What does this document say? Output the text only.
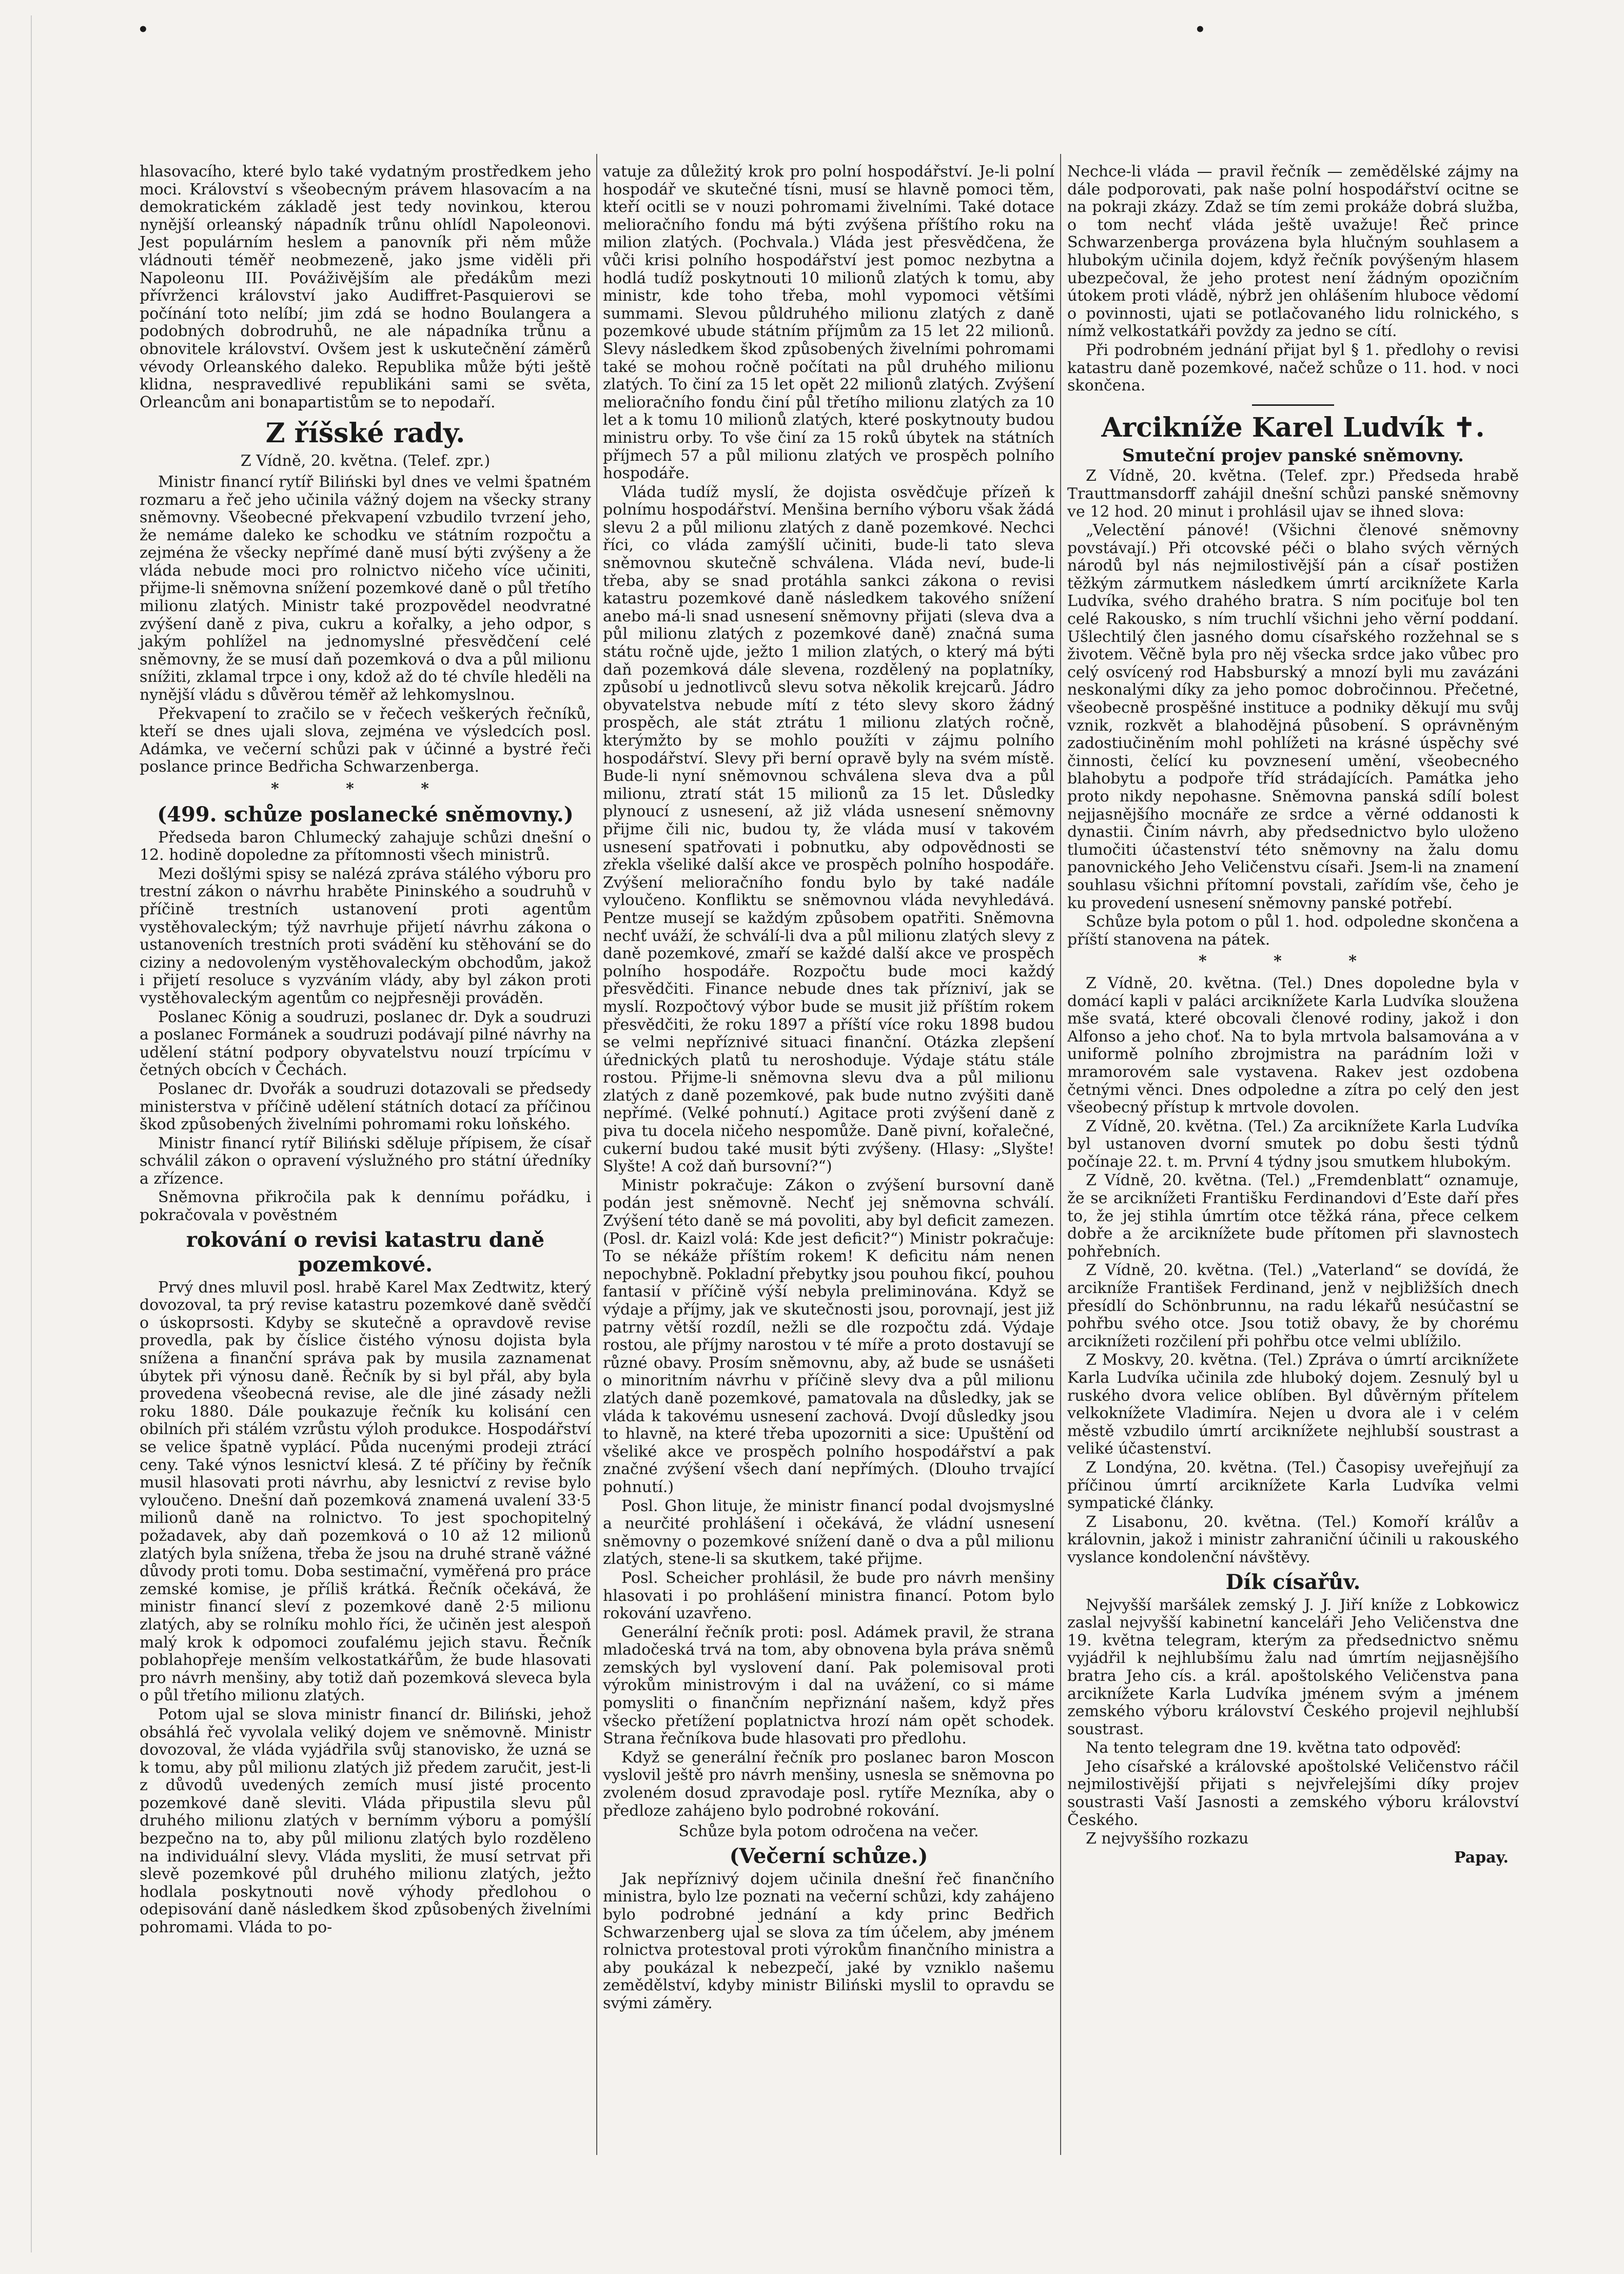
•	•

hlasovacího, které bylo také vydatným prostředkem jeho moci. Království s všeobecným právem hlasovacím a na demokratickém základě jest tedy novinkou, kterou nynější orleanský nápadník trůnu ohlídl Napoleonovi. Jest populárním heslem a panovník při něm může vládnouti téměř neobmezeně, jako jsme viděli při Napoleonu III. Pováživějším ale předákům mezi přívrženci království jako Audiffret-Pasquierovi se počínání toto nelíbí; jim zdá se hodno Boulangera a podobných dobrodruhů, ne ale nápadníka trůnu a obnovitele království. Ovšem jest k uskutečnění záměrů vévody Orleanského daleko. Republika může býti ještě klidna, nespravedlivé republikáni sami se světa, Orleancům ani bonapartistům se to nepodaří.

Z říšské rady.

Z Vídně, 20. května. (Telef. zpr.)

Ministr financí rytíř Biliński byl dnes ve velmi špatném rozmaru a řeč jeho učinila vážný dojem na všecky strany sněmovny. Všeobecné překvapení vzbudilo tvrzení jeho, že nemáme daleko ke schodku ve státním rozpočtu a zejména že všecky nepřímé daně musí býti zvýšeny a že vláda nebude moci pro rolnictvo ničeho více učiniti, přijme-li sněmovna snížení pozemkové daně o půl třetího milionu zlatých. Ministr také prozpovědel neodvratné zvýšení daně z piva, cukru a kořalky, a jeho odpor, s jakým pohlížel na jednomyslné přesvědčení celé sněmovny, že se musí daň pozemková o dva a půl milionu snížiti, zklamal trpce i ony, kdož až do té chvíle hleděli na nynější vládu s důvěrou téměř až lehkomyslnou.

Překvapení to zračilo se v řečech veškerých řečníků, kteří se dnes ujali slova, zejména ve výsledcích posl. Adámka, ve večerní schůzi pak v účinné a bystré řeči poslance prince Bedřicha Schwarzenberga.

* * *
(499. schůze poslanecké sněmovny.)

Předseda baron Chlumecký zahajuje schůzi dnešní o 12. hodině dopoledne za přítomnosti všech ministrů.

Mezi došlými spisy se nalézá zpráva stálého výboru pro trestní zákon o návrhu hraběte Pininského a soudruhů v příčině trestních ustanovení proti agentům vystěhovaleckým; týž navrhuje přijetí návrhu zákona o ustanoveních trestních proti svádění ku stěhování se do ciziny a nedovoleným vystěhovaleckým obchodům, jakož i přijetí resoluce s vyzváním vlády, aby byl zákon proti vystěhovaleckým agentům co nejpřesněji prováděn.

Poslanec König a soudruzi, poslanec dr. Dyk a soudruzi a poslanec Formánek a soudruzi podávají pilné návrhy na udělení státní podpory obyvatelstvu nouzí trpícímu v četných obcích v Čechách.

Poslanec dr. Dvořák a soudruzi dotazovali se předsedy ministerstva v příčině udělení státních dotací za příčinou škod způsobených živelními pohromami roku loňského.

Ministr financí rytíř Biliński sděluje přípisem, že císař schválil zákon o opravení výslužného pro státní úředníky a zřízence.

Sněmovna přikročila pak k dennímu pořádku, i pokračovala v pověstném

rokování o revisi katastru daně pozemkové.

Prvý dnes mluvil posl. hrabě Karel Max Zedtwitz, který dovozoval, ta prý revise katastru pozemkové daně svědčí o úskoprsosti. Kdyby se skutečně a opravdově revise provedla, pak by číslice čistého výnosu dojista byla snížena a finanční správa pak by musila zaznamenat úbytek při výnosu daně. Řečník by si byl přál, aby byla provedena všeobecná revise, ale dle jiné zásady nežli roku 1880. Dále poukazuje řečník ku kolisání cen obilních při stálém vzrůstu výloh produkce. Hospodářství se velice špatně vyplácí. Půda nucenými prodeji ztrácí ceny. Také výnos lesnictví klesá. Z té příčiny by řečník musil hlasovati proti návrhu, aby lesnictví z revise bylo vyloučeno. Dnešní daň pozemková znamená uvalení 33·5 milionů daně na rolnictvo. To jest spochopitelný požadavek, aby daň pozemková o 10 až 12 milionů zlatých byla snížena, třeba že jsou na druhé straně vážné důvody proti tomu. Doba sestimační, vyměřená pro práce zemské komise, je příliš krátká. Řečník očekává, že ministr financí sleví z pozemkové daně 2·5 milionu zlatých, aby se rolníku mohlo říci, že učiněn jest alespoň malý krok k odpomoci zoufalému jejich stavu. Řečník poblahopřeje menším velkostatkářům, že bude hlasovati pro návrh menšiny, aby totiž daň pozemková sleveca byla o půl třetího milionu zlatých.

Potom ujal se slova ministr financí dr. Biliński, jehož obsáhlá řeč vyvolala veliký dojem ve sněmovně. Ministr dovozoval, že vláda vyjádřila svůj stanovisko, že uzná se k tomu, aby půl milionu zlatých již předem zaručit, jest-li z důvodů uvedených zemích musí jisté procento pozemkové daně sleviti. Vláda připustila slevu půl druhého milionu zlatých v bernímm výboru a pomýšlí bezpečno na to, aby půl milionu zlatých bylo rozděleno na individuální slevy. Vláda mysliti, že musí setrvat při slevě pozemkové půl druhého milionu zlatých, ježto hodlala poskytnouti nově výhody předlohou o odepisování daně následkem škod způsobených živelními pohromami. Vláda to po-

vatuje za důležitý krok pro polní hospodářství. Je-li polní hospodář ve skutečné tísni, musí se hlavně pomoci těm, kteří ocitli se v nouzi pohromami živelními. Také dotace melioračního fondu má býti zvýšena příštího roku na milion zlatých. (Pochvala.) Vláda jest přesvědčena, že vůči krisi polního hospodářství jest pomoc nezbytna a hodlá tudíž poskytnouti 10 milionů zlatých k tomu, aby ministr, kde toho třeba, mohl vypomoci většími summami. Slevou půldruhého milionu zlatých z daně pozemkové ubude státním příjmům za 15 let 22 milionů. Slevy následkem škod způsobených živelními pohromami také se mohou ročně počítati na půl druhého milionu zlatých. To činí za 15 let opět 22 milionů zlatých. Zvýšení melioračního fondu činí půl třetího milionu zlatých za 10 let a k tomu 10 milionů zlatých, které poskytnouty budou ministru orby. To vše činí za 15 roků úbytek na státních příjmech 57 a půl milionu zlatých ve prospěch polního hospodáře.

Vláda tudíž myslí, že dojista osvědčuje přízeň k polnímu hospodářství. Menšina berního výboru však žádá slevu 2 a půl milionu zlatých z daně pozemkové. Nechci říci, co vláda zamýšlí učiniti, bude-li tato sleva sněmovnou skutečně schválena. Vláda neví, bude-li třeba, aby se snad protáhla sankci zákona o revisi katastru pozemkové daně následkem takového snížení anebo má-li snad usnesení sněmovny přijati (sleva dva a půl milionu zlatých z pozemkové daně) značná suma státu ročně ujde, ježto 1 milion zlatých, o který má býti daň pozemková dále slevena, rozdělený na poplatníky, způsobí u jednotlivců slevu sotva několik krejcarů. Jádro obyvatelstva nebude mítí z této slevy skoro žádný prospěch, ale stát ztrátu 1 milionu zlatých ročně, kterýmžto by se mohlo použíti v zájmu polního hospodářství. Slevy při berní opravě byly na svém místě. Bude-li nyní sněmovnou schválena sleva dva a půl milionu, ztratí stát 15 milionů za 15 let. Důsledky plynoucí z usnesení, až již vláda usnesení sněmovny přijme čili nic, budou ty, že vláda musí v takovém usnesení spatřovati i pobnutku, aby odpovědnosti se zřekla všeliké další akce ve prospěch polního hospodáře. Zvýšení melioračního fondu bylo by také nadále vyloučeno. Konfliktu se sněmovnou vláda nevyhledává. Pentze musejí se každým způsobem opatřiti. Sněmovna nechť uváží, že schválí-li dva a půl milionu zlatých slevy z daně pozemkové, zmaří se každé další akce ve prospěch polního hospodáře. Rozpočtu bude moci každý přesvědčiti. Finance nebude dnes tak přízniví, jak se myslí. Rozpočtový výbor bude se musit již příštím rokem přesvědčiti, že roku 1897 a příští více roku 1898 budou se velmi nepříznivé situaci finanční. Otázka zlepšení úřednických platů tu neroshoduje. Výdaje státu stále rostou. Přijme-li sněmovna slevu dva a půl milionu zlatých z daně pozemkové, pak bude nutno zvýšiti daně nepřímé. (Velké pohnutí.) Agitace proti zvýšení daně z piva tu docela ničeho nespomůže. Daně pivní, kořalečné, cukerní budou také musit býti zvýšeny. (Hlasy: „Slyšte! Slyšte! A což daň bursovní?“)

Ministr pokračuje: Zákon o zvýšení bursovní daně podán jest sněmovně. Nechť jej sněmovna schválí. Zvýšení této daně se má povoliti, aby byl deficit zamezen. (Posl. dr. Kaizl volá: Kde jest deficit?“) Ministr pokračuje: To se nékáže příštím rokem! K deficitu nám nenen nepochybně. Pokladní přebytky jsou pouhou fikcí, pouhou fantasií v příčině výší nebyla preliminována. Když se výdaje a příjmy, jak ve skutečnosti jsou, porovnají, jest již patrny větší rozdíl, nežli se dle rozpočtu zdá. Výdaje rostou, ale příjmy narostou v té míře a proto dostavují se různé obavy. Prosím sněmovnu, aby, až bude se usnášeti o minoritním návrhu v příčině slevy dva a půl milionu zlatých daně pozemkové, pamatovala na důsledky, jak se vláda k takovému usnesení zachová. Dvojí důsledky jsou to hlavně, na které třeba upozorniti a sice: Upuštění od všeliké akce ve prospěch polního hospodářství a pak značné zvýšení všech daní nepřímých. (Dlouho trvající pohnutí.)

Posl. Ghon lituje, že ministr financí podal dvojsmyslné a neurčité prohlášení i očekává, že vládní usnesení sněmovny o pozemkové snížení daně o dva a půl milionu zlatých, stene-li sa skutkem, také přijme.

Posl. Scheicher prohlásil, že bude pro návrh menšiny hlasovati i po prohlášení ministra financí. Potom bylo rokování uzavřeno.

Generální řečník proti: posl. Adámek pravil, že strana mladočeská trvá na tom, aby obnovena byla práva sněmů zemských byl vyslovení daní. Pak polemisoval proti výrokům ministrovým i dal na uvážení, co si máme pomysliti o finančním nepřiznání našem, když přes všecko přetížení poplatnictva hrozí nám opět schodek. Strana řečníkova bude hlasovati pro předlohu.

Když se generální řečník pro poslanec baron Moscon vyslovil ještě pro návrh menšiny, usnesla se sněmovna po zvoleném dosud zpravodaje posl. rytíře Mezníka, aby o předloze zahájeno bylo podrobné rokování.

Schůze byla potom odročena na večer.

(Večerní schůze.)

Jak nepříznivý dojem učinila dnešní řeč finančního ministra, bylo lze poznati na večerní schůzi, kdy zahájeno bylo podrobné jednání a kdy princ Bedřich Schwarzenberg ujal se slova za tím účelem, aby jménem rolnictva protestoval proti výrokům finančního ministra a aby poukázal k nebezpečí, jaké by vzniklo našemu zemědělství, kdyby ministr Biliński myslil to opravdu se svými záměry.

Nechce-li vláda — pravil řečník — zemědělské zájmy na dále podporovati, pak naše polní hospodářství ocitne se na pokraji zkázy. Zdaž se tím zemi prokáže dobrá služba, o tom nechť vláda ještě uvažuje! Řeč prince Schwarzenberga provázena byla hlučným souhlasem a hlubokým učinila dojem, když řečník povýšeným hlasem ubezpečoval, že jeho protest není žádným opozičním útokem proti vládě, nýbrž jen ohlášením hluboce vědomí o povinnosti, ujati se potlačovaného lidu rolnického, s nímž velkostatkáři povždy za jedno se cítí.

Při podrobném jednání přijat byl § 1. předlohy o revisi katastru daně pozemkové, načež schůze o 11. hod. v noci skončena.

Arcikníže Karel Ludvík ✝.
Smuteční projev panské sněmovny.

Z Vídně, 20. května. (Telef. zpr.) Předseda hrabě Trauttmansdorff zahájil dnešní schůzi panské sněmovny ve 12 hod. 20 minut i prohlásil ujav se ihned slova:

„Velectění pánové! (Všichni členové sněmovny povstávají.) Při otcovské péči o blaho svých věrných národů byl nás nejmilostivější pán a císař postižen těžkým zármutkem následkem úmrtí arciknížete Karla Ludvíka, svého drahého bratra. S ním pociťuje bol ten celé Rakousko, s ním truchlí všichni jeho věrní poddaní. Ušlechtilý člen jasného domu císařského rozžehnal se s životem. Věčně byla pro něj všecka srdce jako vůbec pro celý osvícený rod Habsburský a mnozí byli mu zavázáni neskonalými díky za jeho pomoc dobročinnou. Přečetné, všeobecně prospěšné instituce a podniky děkují mu svůj vznik, rozkvět a blahodějná působení. S oprávněným zadostiučiněním mohl pohlížeti na krásné úspěchy své činnosti, čelící ku povznesení umění, všeobecného blahobytu a podpoře tříd strádajících. Památka jeho proto nikdy nepohasne. Sněmovna panská sdílí bolest nejjasnějšího mocnáře ze srdce a věrné oddanosti k dynastii. Činím návrh, aby předsednictvo bylo uloženo tlumočiti účastenství této sněmovny na žalu domu panovnického Jeho Veličenstvu císaři. Jsem-li na znamení souhlasu všichni přítomní povstali, zařídím vše, čeho je ku provedení usnesení sněmovny panské potřebí.

Schůze byla potom o půl 1. hod. odpoledne skončena a příští stanovena na pátek.

* * *

Z Vídně, 20. května. (Tel.) Dnes dopoledne byla v domácí kapli v paláci arciknížete Karla Ludvíka sloužena mše svatá, které obcovali členové rodiny, jakož i don Alfonso a jeho choť. Na to byla mrtvola balsamována a v uniformě polního zbrojmistra na parádním loži v mramorovém sale vystavena. Rakev jest ozdobena četnými věnci. Dnes odpoledne a zítra po celý den jest všeobecný přístup k mrtvole dovolen.

Z Vídně, 20. května. (Tel.) Za arciknížete Karla Ludvíka byl ustanoven dvorní smutek po dobu šesti týdnů počínaje 22. t. m. První 4 týdny jsou smutkem hlubokým.

Z Vídně, 20. května. (Tel.) „Fremdenblatt“ oznamuje, že se arciknížeti Františku Ferdinandovi d’Este daří přes to, že jej stihla úmrtím otce těžká rána, přece celkem dobře a že arciknížete bude přítomen při slavnostech pohřebních.

Z Vídně, 20. května. (Tel.) „Vaterland“ se dovídá, že arcikníže František Ferdinand, jenž v nejbližších dnech přesídlí do Schönbrunnu, na radu lékařů nesúčastní se pohřbu svého otce. Jsou totiž obavy, že by chorému arciknížeti rozčilení při pohřbu otce velmi ublížilo.

Z Moskvy, 20. května. (Tel.) Zpráva o úmrtí arciknížete Karla Ludvíka učinila zde hluboký dojem. Zesnulý byl u ruského dvora velice oblíben. Byl důvěrným přítelem velkoknížete Vladimíra. Nejen u dvora ale i v celém městě vzbudilo úmrtí arciknížete nejhlubší soustrast a veliké účastenství.

Z Londýna, 20. května. (Tel.) Časopisy uveřejňují za příčinou úmrtí arciknížete Karla Ludvíka velmi sympatické články.

Z Lisabonu, 20. května. (Tel.) Komoří králův a královnin, jakož i ministr zahraniční účinili u rakouského vyslance kondolenční návštěvy.

Dík císařův.

Nejvyšší maršálek zemský J. J. Jiří kníže z Lobkowicz zaslal nejvyšší kabinetní kanceláři Jeho Veličenstva dne 19. května telegram, kterým za předsednictvo sněmu vyjádřil k nejhlubšímu žalu nad úmrtím nejjasnějšího bratra Jeho cís. a král. apoštolského Veličenstva pana arciknížete Karla Ludvíka jménem svým a jménem zemského výboru království Českého projevil nejhlubší soustrast.

Na tento telegram dne 19. května tato odpověď:

Jeho císařské a královské apoštolské Veličenstvo ráčil nejmilostivější přijati s nejvřelejšími díky projev soustrasti Vaší Jasnosti a zemského výboru království Českého.

Z nejvyššího rozkazu

Papay.
